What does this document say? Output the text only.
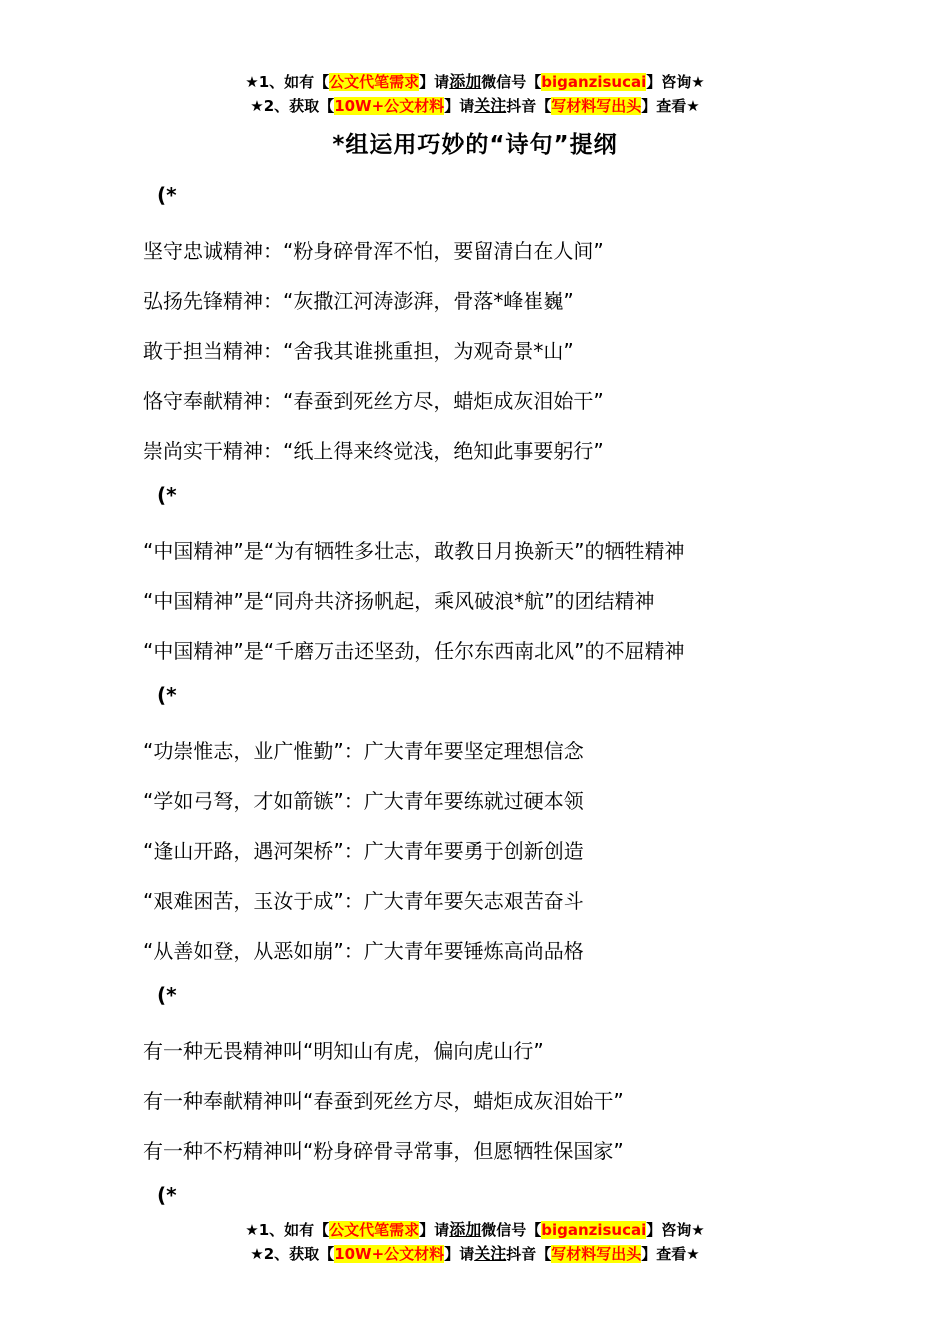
★1、如有【公文代笔需求】请添加微信号【biganzisucai】咨询★
★2、获取【10W+公文材料】请关注抖音【写材料写出头】查看★
*组运用巧妙的“诗句”提纲
(*
坚守忠诚精神：“粉身碎骨浑不怕，要留清白在人间”
弘扬先锋精神：“灰撒江河涛澎湃，骨落*峰崔巍”
敢于担当精神：“舍我其谁挑重担，为观奇景*山”
恪守奉献精神：“春蚕到死丝方尽，蜡炬成灰泪始干”
崇尚实干精神：“纸上得来终觉浅，绝知此事要躬行”
(*
“中国精神”是“为有牺牲多壮志，敢教日月换新天”的牺牲精神
“中国精神”是“同舟共济扬帆起，乘风破浪*航”的团结精神
“中国精神”是“千磨万击还坚劲，任尔东西南北风”的不屈精神
(*
“功崇惟志，业广惟勤”：广大青年要坚定理想信念
“学如弓弩，才如箭镞”：广大青年要练就过硬本领
“逢山开路，遇河架桥”：广大青年要勇于创新创造
“艰难困苦，玉汝于成”：广大青年要矢志艰苦奋斗
“从善如登，从恶如崩”：广大青年要锤炼高尚品格
(*
有一种无畏精神叫“明知山有虎，偏向虎山行”
有一种奉献精神叫“春蚕到死丝方尽，蜡炬成灰泪始干”
有一种不朽精神叫“粉身碎骨寻常事，但愿牺牲保国家”
(*
★1、如有【公文代笔需求】请添加微信号【biganzisucai】咨询★
★2、获取【10W+公文材料】请关注抖音【写材料写出头】查看★
